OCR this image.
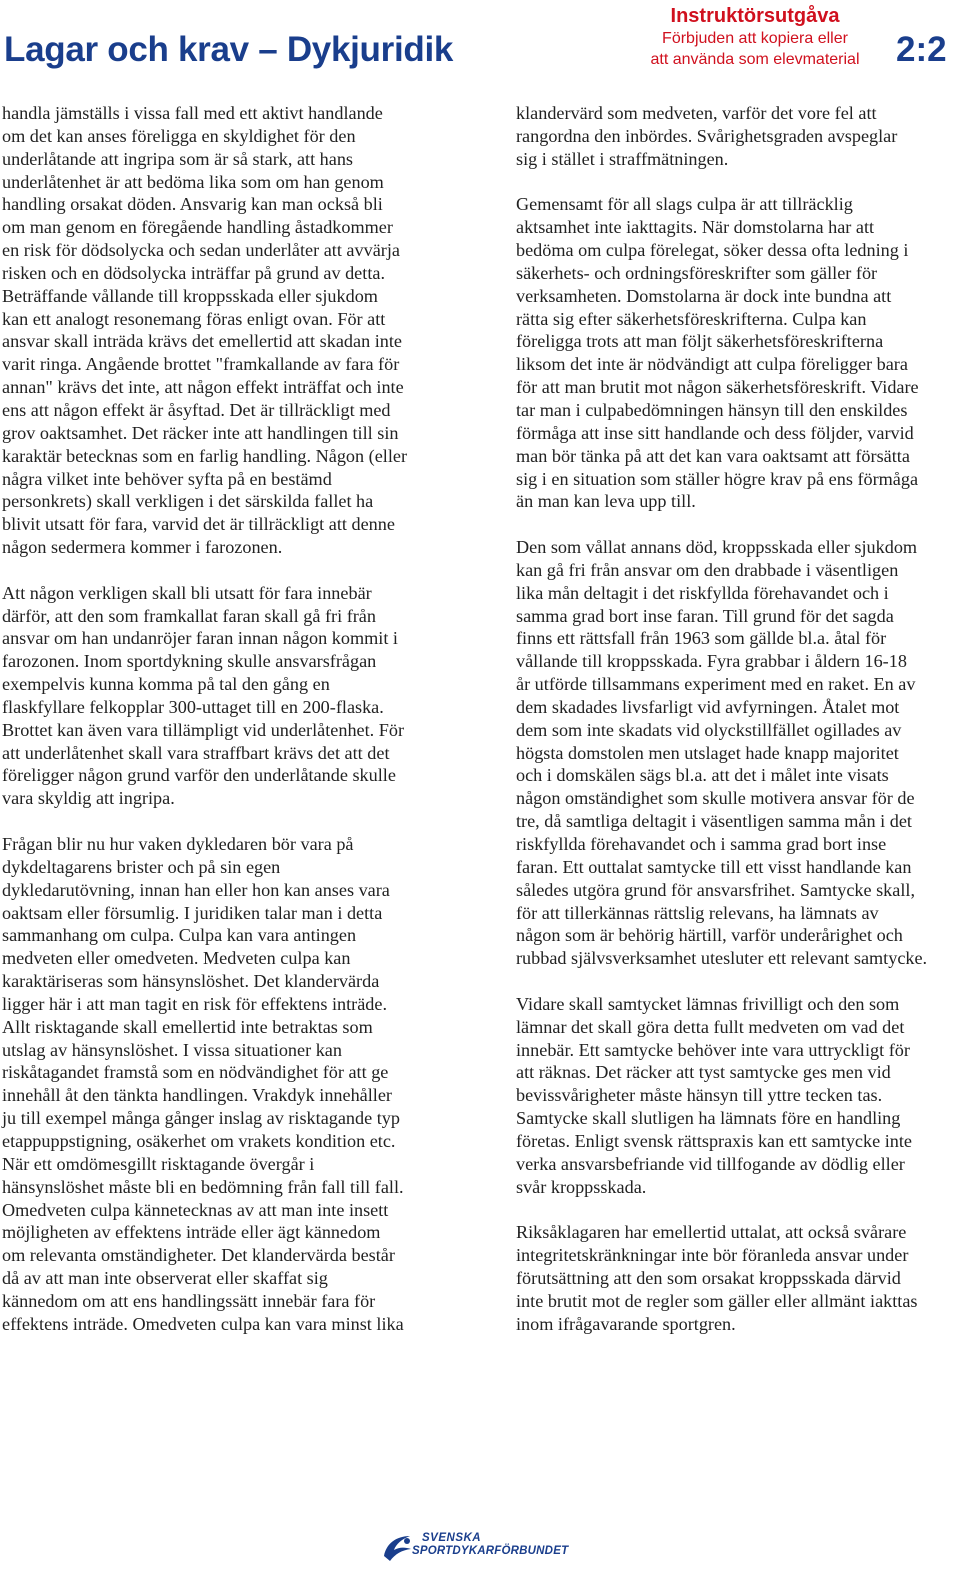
Lagar och krav – Dykjuridik
Instruktörsutgåva
Förbjuden att kopiera eller
att använda som elevmaterial	2:2

handla jämställs i vissa fall med ett aktivt handlande
om det kan anses föreligga en skyldighet för den
underlåtande att ingripa som är så stark, att hans
underlåtenhet är att bedöma lika som om han genom
handling orsakat döden. Ansvarig kan man också bli
om man genom en föregående handling åstadkommer
en risk för dödsolycka och sedan underlåter att avvärja
risken och en dödsolycka inträffar på grund av detta.
Beträffande vållande till kroppsskada eller sjukdom
kan ett analogt resonemang föras enligt ovan. För att
ansvar skall inträda krävs det emellertid att skadan inte
varit ringa. Angående brottet "framkallande av fara för
annan" krävs det inte, att någon effekt inträffat och inte
ens att någon effekt är åsyftad. Det är tillräckligt med
grov oaktsamhet. Det räcker inte att handlingen till sin
karaktär betecknas som en farlig handling. Någon (eller
några vilket inte behöver syfta på en bestämd
personkrets) skall verkligen i det särskilda fallet ha
blivit utsatt för fara, varvid det är tillräckligt att denne
någon sedermera kommer i farozonen.

Att någon verkligen skall bli utsatt för fara innebär
därför, att den som framkallat faran skall gå fri från
ansvar om han undanröjer faran innan någon kommit i
farozonen. Inom sportdykning skulle ansvarsfrågan
exempelvis kunna komma på tal den gång en
flaskfyllare felkopplar 300-uttaget till en 200-flaska.
Brottet kan även vara tillämpligt vid underlåtenhet. För
att underlåtenhet skall vara straffbart krävs det att det
föreligger någon grund varför den underlåtande skulle
vara skyldig att ingripa.

Frågan blir nu hur vaken dykledaren bör vara på
dykdeltagarens brister och på sin egen
dykledarutövning, innan han eller hon kan anses vara
oaktsam eller försumlig. I juridiken talar man i detta
sammanhang om culpa. Culpa kan vara antingen
medveten eller omedveten. Medveten culpa kan
karaktäriseras som hänsynslöshet. Det klandervärda
ligger här i att man tagit en risk för effektens inträde.
Allt risktagande skall emellertid inte betraktas som
utslag av hänsynslöshet. I vissa situationer kan
riskåtagandet framstå som en nödvändighet för att ge
innehåll åt den tänkta handlingen. Vrakdyk innehåller
ju till exempel många gånger inslag av risktagande typ
etappuppstigning, osäkerhet om vrakets kondition etc.
När ett omdömesgillt risktagande övergår i
hänsynslöshet måste bli en bedömning från fall till fall.
Omedveten culpa kännetecknas av att man inte insett
möjligheten av effektens inträde eller ägt kännedom
om relevanta omständigheter. Det klandervärda består
då av att man inte observerat eller skaffat sig
kännedom om att ens handlingssätt innebär fara för
effektens inträde. Omedveten culpa kan vara minst lika

klandervärd som medveten, varför det vore fel att
rangordna den inbördes. Svårighetsgraden avspeglar
sig i stället i straffmätningen.

Gemensamt för all slags culpa är att tillräcklig
aktsamhet inte iakttagits. När domstolarna har att
bedöma om culpa förelegat, söker dessa ofta ledning i
säkerhets- och ordningsföreskrifter som gäller för
verksamheten. Domstolarna är dock inte bundna att
rätta sig efter säkerhetsföreskrifterna. Culpa kan
föreligga trots att man följt säkerhetsföreskrifterna
liksom det inte är nödvändigt att culpa föreligger bara
för att man brutit mot någon säkerhetsföreskrift. Vidare
tar man i culpabedömningen hänsyn till den enskildes
förmåga att inse sitt handlande och dess följder, varvid
man bör tänka på att det kan vara oaktsamt att försätta
sig i en situation som ställer högre krav på ens förmåga
än man kan leva upp till.

Den som vållat annans död, kroppsskada eller sjukdom
kan gå fri från ansvar om den drabbade i väsentligen
lika mån deltagit i det riskfyllda förehavandet och i
samma grad bort inse faran. Till grund för det sagda
finns ett rättsfall från 1963 som gällde bl.a. åtal för
vållande till kroppsskada. Fyra grabbar i åldern 16-18
år utförde tillsammans experiment med en raket. En av
dem skadades livsfarligt vid avfyrningen. Åtalet mot
dem som inte skadats vid olyckstillfället ogillades av
högsta domstolen men utslaget hade knapp majoritet
och i domskälen sägs bl.a. att det i målet inte visats
någon omständighet som skulle motivera ansvar för de
tre, då samtliga deltagit i väsentligen samma mån i det
riskfyllda förehavandet och i samma grad bort inse
faran. Ett outtalat samtycke till ett visst handlande kan
således utgöra grund för ansvarsfrihet. Samtycke skall,
för att tillerkännas rättslig relevans, ha lämnats av
någon som är behörig härtill, varför underårighet och
rubbad självsverksamhet utesluter ett relevant samtycke.

Vidare skall samtycket lämnas frivilligt och den som
lämnar det skall göra detta fullt medveten om vad det
innebär. Ett samtycke behöver inte vara uttryckligt för
att räknas. Det räcker att tyst samtycke ges men vid
bevissvårigheter måste hänsyn till yttre tecken tas.
Samtycke skall slutligen ha lämnats före en handling
företas. Enligt svensk rättspraxis kan ett samtycke inte
verka ansvarsbefriande vid tillfogande av dödlig eller
svår kroppsskada.

Riksåklagaren har emellertid uttalat, att också svårare
integritetskränkningar inte bör föranleda ansvar under
förutsättning att den som orsakat kroppsskada därvid
inte brutit mot de regler som gäller eller allmänt iakttas
inom ifrågavarande sportgren.

SVENSKA
SPORTDYKARFÖRBUNDET
